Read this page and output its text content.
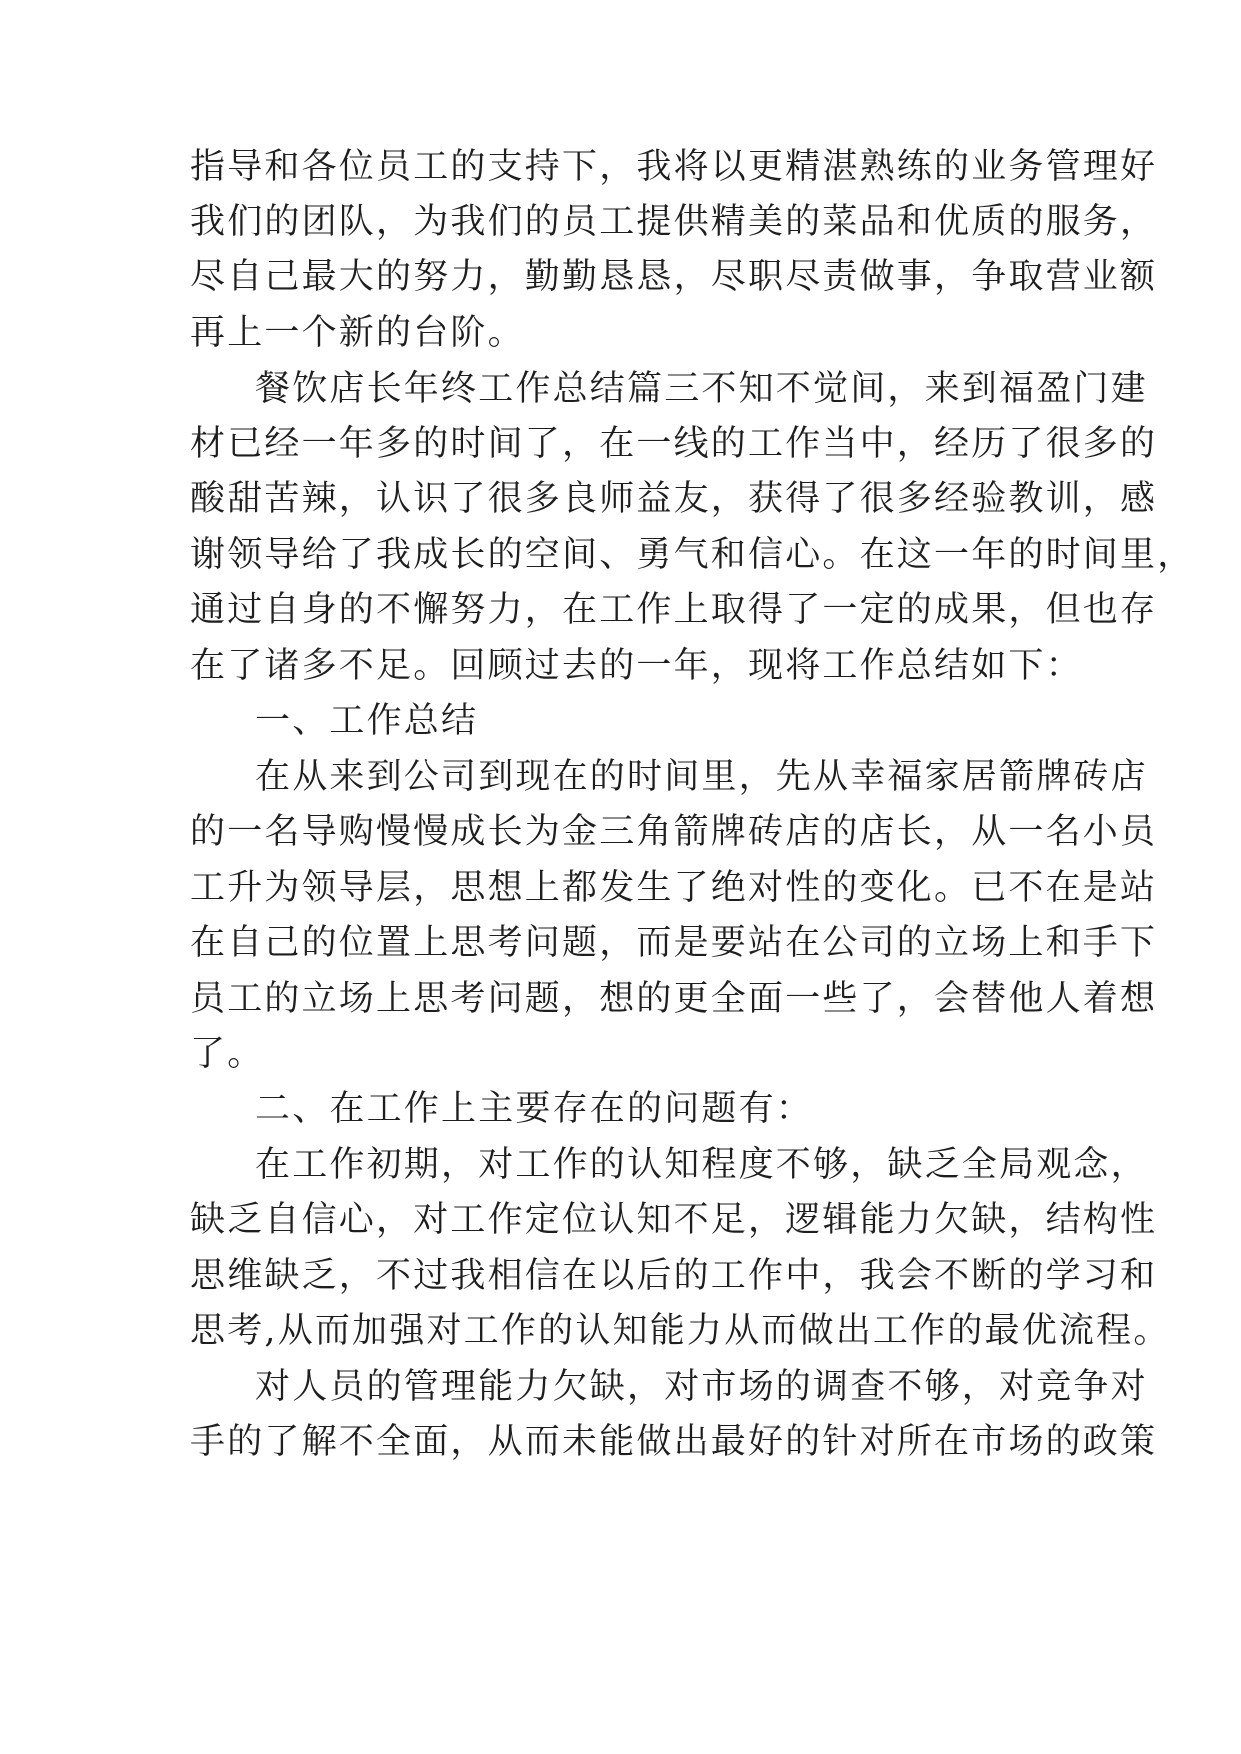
指导和各位员工的支持下，我将以更精湛熟练的业务管理好
我们的团队，为我们的员工提供精美的菜品和优质的服务，
尽自己最大的努力，勤勤恳恳，尽职尽责做事，争取营业额
再上一个新的台阶。
餐饮店长年终工作总结篇三不知不觉间，来到福盈门建
材已经一年多的时间了，在一线的工作当中，经历了很多的
酸甜苦辣，认识了很多良师益友，获得了很多经验教训，感
谢领导给了我成长的空间、勇气和信心。在这一年的时间里，
通过自身的不懈努力，在工作上取得了一定的成果，但也存
在了诸多不足。回顾过去的一年，现将工作总结如下：
一、工作总结
在从来到公司到现在的时间里，先从幸福家居箭牌砖店
的一名导购慢慢成长为金三角箭牌砖店的店长，从一名小员
工升为领导层，思想上都发生了绝对性的变化。已不在是站
在自己的位置上思考问题，而是要站在公司的立场上和手下
员工的立场上思考问题，想的更全面一些了，会替他人着想
了。
二、在工作上主要存在的问题有：
在工作初期，对工作的认知程度不够，缺乏全局观念，
缺乏自信心，对工作定位认知不足，逻辑能力欠缺，结构性
思维缺乏，不过我相信在以后的工作中，我会不断的学习和
思考,从而加强对工作的认知能力从而做出工作的最优流程。
对人员的管理能力欠缺，对市场的调查不够，对竞争对
手的了解不全面，从而未能做出最好的针对所在市场的政策
